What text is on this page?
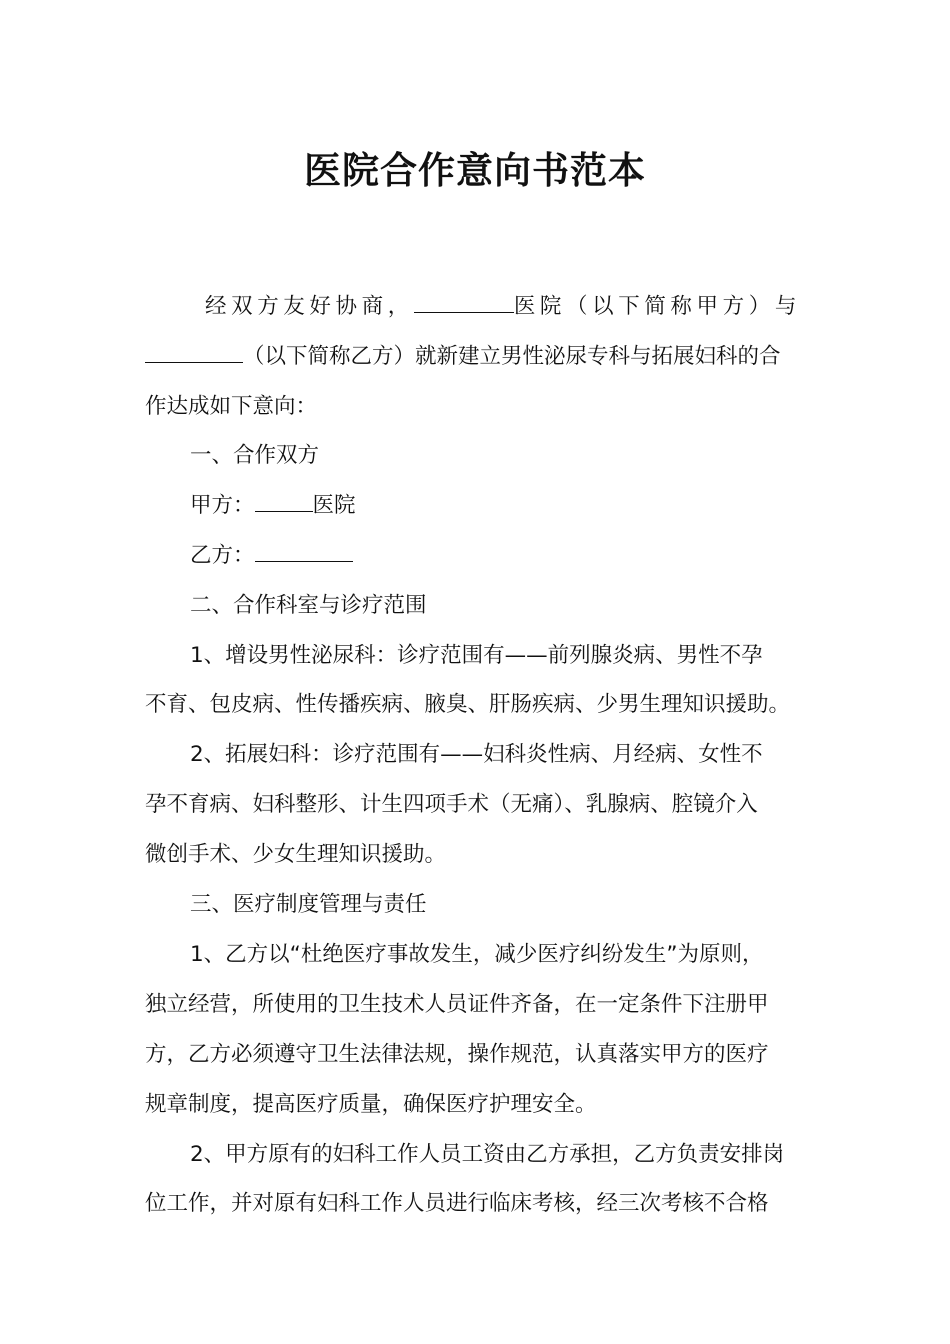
医院合作意向书范本
经双方友好协商，	医院（以下简称甲方）与
（以下简称乙方）就新建立男性泌尿专科与拓展妇科的合
作达成如下意向：
一、合作双方
甲方：	医院
乙方：
二、合作科室与诊疗范围
1、增设男性泌尿科：诊疗范围有——前列腺炎病、男性不孕
不育、包皮病、性传播疾病、腋臭、肝肠疾病、少男生理知识援助。
2、拓展妇科：诊疗范围有——妇科炎性病、月经病、女性不
孕不育病、妇科整形、计生四项手术（无痛）、乳腺病、腔镜介入
微创手术、少女生理知识援助。
三、医疗制度管理与责任
1、乙方以“杜绝医疗事故发生，减少医疗纠纷发生”为原则，
独立经营，所使用的卫生技术人员证件齐备，在一定条件下注册甲
方，乙方必须遵守卫生法律法规，操作规范，认真落实甲方的医疗
规章制度，提高医疗质量，确保医疗护理安全。
2、甲方原有的妇科工作人员工资由乙方承担，乙方负责安排岗
位工作，并对原有妇科工作人员进行临床考核，经三次考核不合格
